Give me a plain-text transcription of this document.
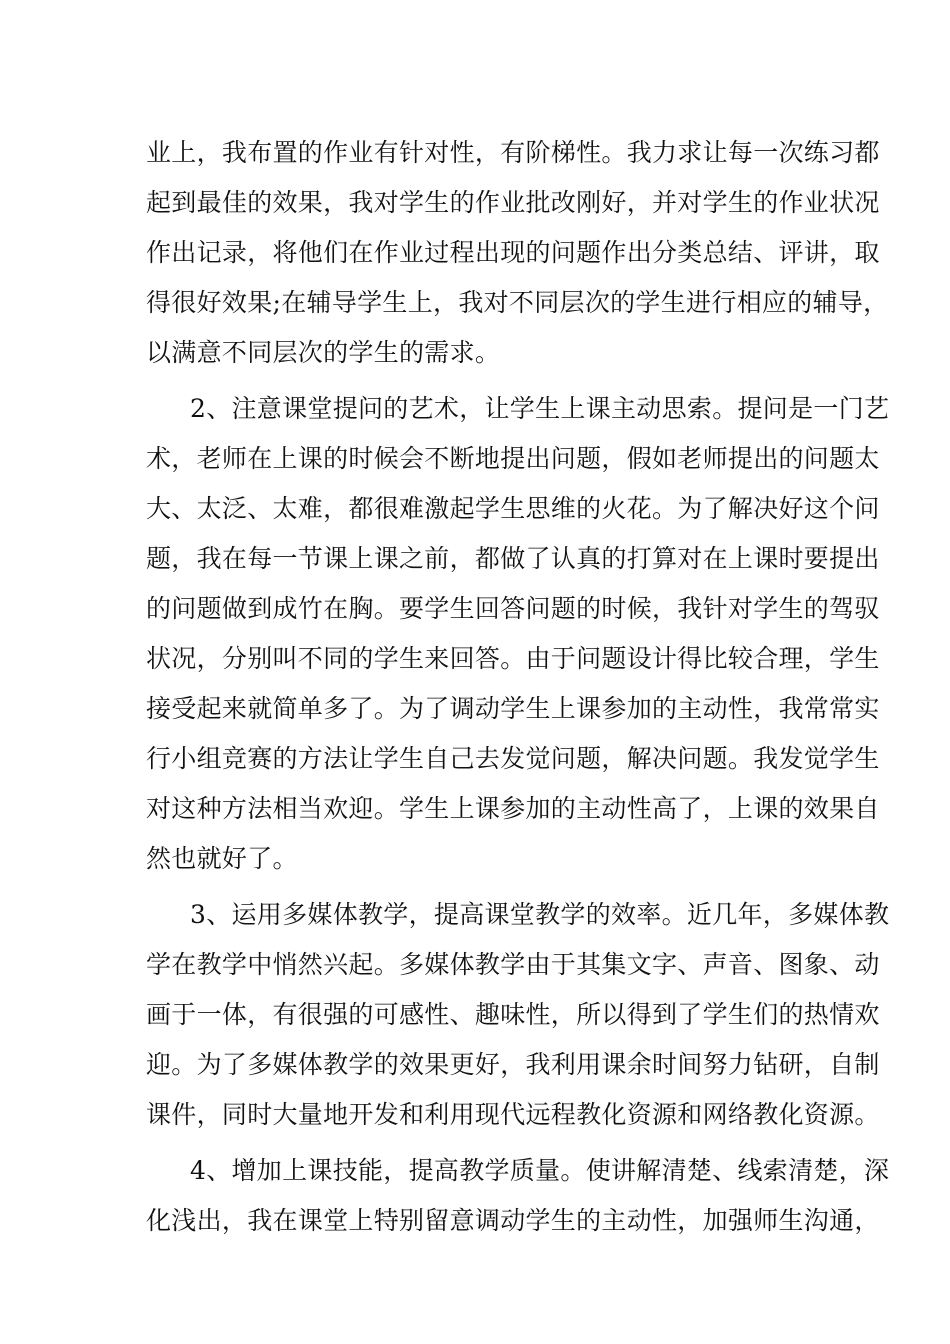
业上，我布置的作业有针对性，有阶梯性。我力求让每一次练习都
起到最佳的效果，我对学生的作业批改刚好，并对学生的作业状况
作出记录，将他们在作业过程出现的问题作出分类总结、评讲，取
得很好效果;在辅导学生上，我对不同层次的学生进行相应的辅导，
以满意不同层次的学生的需求。
2、注意课堂提问的艺术，让学生上课主动思索。提问是一门艺
术，老师在上课的时候会不断地提出问题，假如老师提出的问题太
大、太泛、太难，都很难激起学生思维的火花。为了解决好这个问
题，我在每一节课上课之前，都做了认真的打算对在上课时要提出
的问题做到成竹在胸。要学生回答问题的时候，我针对学生的驾驭
状况，分别叫不同的学生来回答。由于问题设计得比较合理，学生
接受起来就简单多了。为了调动学生上课参加的主动性，我常常实
行小组竞赛的方法让学生自己去发觉问题，解决问题。我发觉学生
对这种方法相当欢迎。学生上课参加的主动性高了，上课的效果自
然也就好了。
3、运用多媒体教学，提高课堂教学的效率。近几年，多媒体教
学在教学中悄然兴起。多媒体教学由于其集文字、声音、图象、动
画于一体，有很强的可感性、趣味性，所以得到了学生们的热情欢
迎。为了多媒体教学的效果更好，我利用课余时间努力钻研，自制
课件，同时大量地开发和利用现代远程教化资源和网络教化资源。
4、增加上课技能，提高教学质量。使讲解清楚、线索清楚，深
化浅出，我在课堂上特别留意调动学生的主动性，加强师生沟通，
